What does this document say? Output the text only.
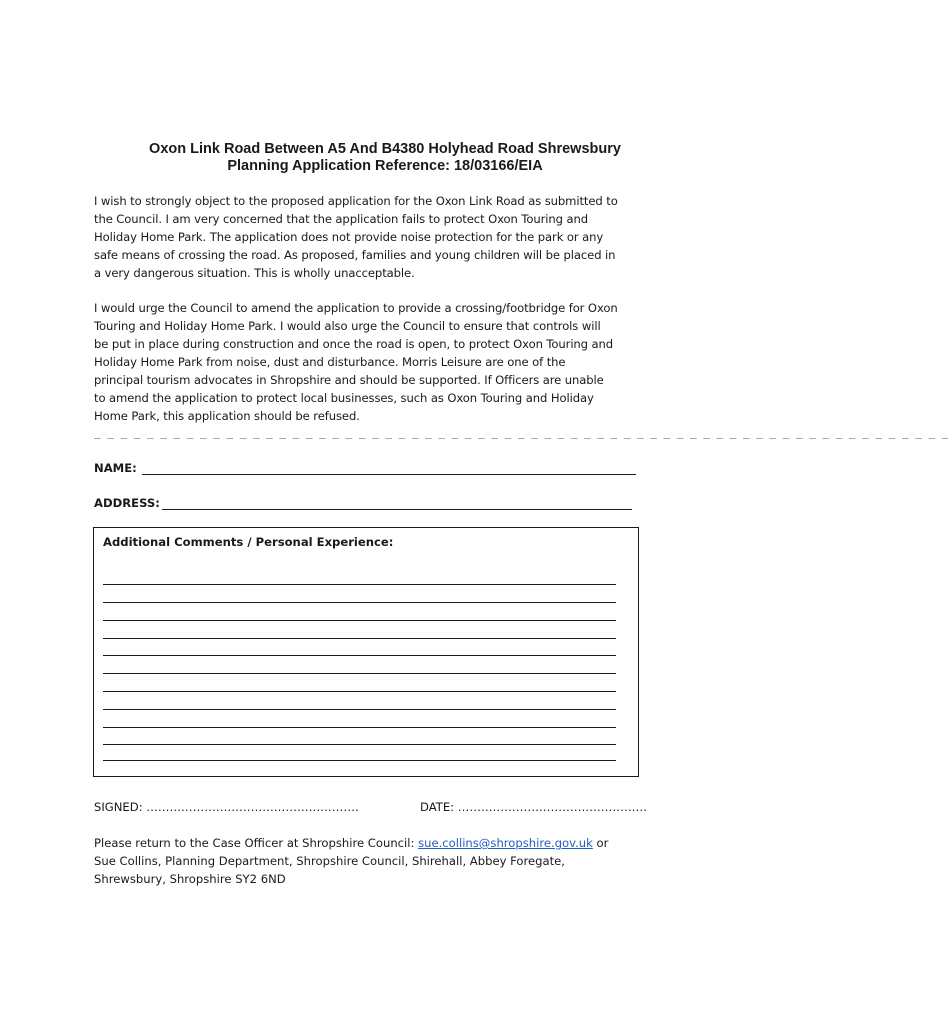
Oxon Link Road Between A5 And B4380 Holyhead Road Shrewsbury
Planning Application Reference: 18/03166/EIA
I wish to strongly object to the proposed application for the Oxon Link Road as submitted to
the Council. I am very concerned that the application fails to protect Oxon Touring and
Holiday Home Park. The application does not provide noise protection for the park or any
safe means of crossing the road. As proposed, families and young children will be placed in
a very dangerous situation. This is wholly unacceptable.
I would urge the Council to amend the application to provide a crossing/footbridge for Oxon
Touring and Holiday Home Park. I would also urge the Council to ensure that controls will
be put in place during construction and once the road is open, to protect Oxon Touring and
Holiday Home Park from noise, dust and disturbance. Morris Leisure are one of the
principal tourism advocates in Shropshire and should be supported. If Officers are unable
to amend the application to protect local businesses, such as Oxon Touring and Holiday
Home Park, this application should be refused.
_ _ _ _ _ _ _ _ _ _ _ _ _ _ _ _ _ _ _ _ _ _ _ _ _ _ _ _ _ _ _ _ _ _ _ _ _ _ _ _ _ _ _ _ _ _ _ _ _ _ _ _ _ _ _ _ _ _ _ _ _ _ _ _ _
NAME:
ADDRESS:
Additional Comments / Personal Experience:
SIGNED: ……………………………………………….	DATE: ………………………………………….
Please return to the Case Officer at Shropshire Council: sue.collins@shropshire.gov.uk or
Sue Collins, Planning Department, Shropshire Council, Shirehall, Abbey Foregate,
Shrewsbury, Shropshire SY2 6ND
